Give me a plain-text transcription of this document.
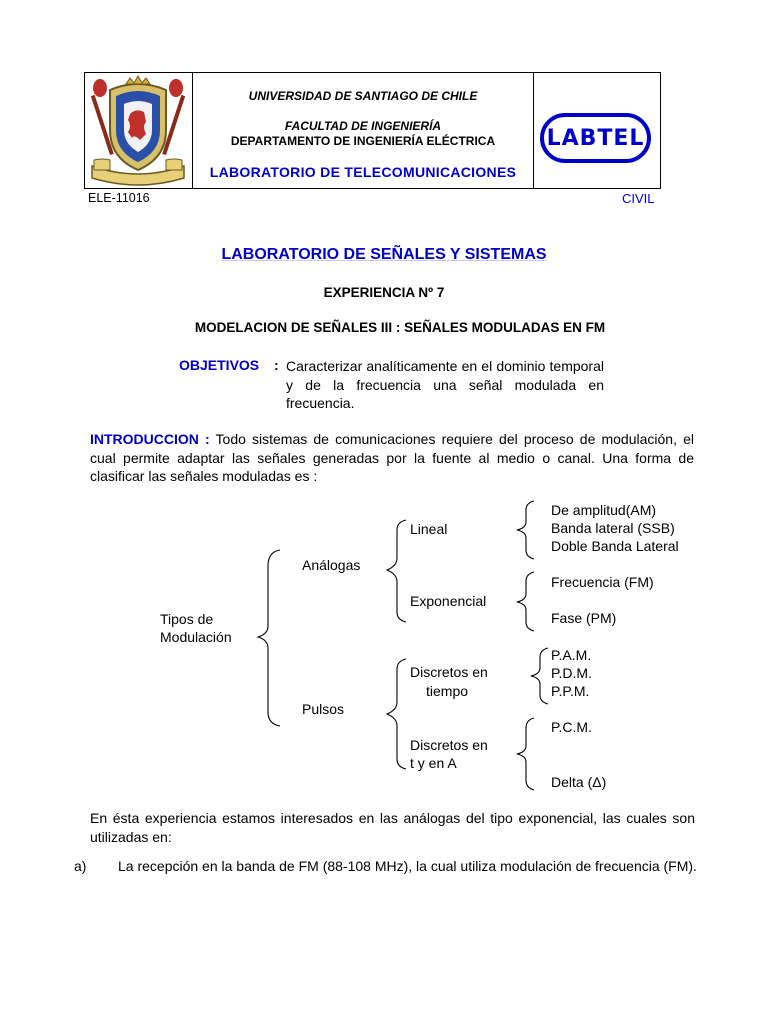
UNIVERSIDAD DE SANTIAGO DE CHILE
FACULTAD DE INGENIERÍA
DEPARTAMENTO DE INGENIERÍA ELÉCTRICA
LABORATORIO DE TELECOMUNICACIONES
LABTEL
ELE-11016	CIVIL
LABORATORIO DE SEÑALES Y SISTEMAS
EXPERIENCIA Nº 7
MODELACION DE SEÑALES III : SEÑALES MODULADAS EN FM
OBJETIVOS : Caracterizar analíticamente en el dominio temporal y de la frecuencia una señal modulada en frecuencia.
INTRODUCCION : Todo sistemas de comunicaciones requiere del proceso de modulación, el cual permite adaptar las señales generadas por la fuente al medio o canal. Una forma de clasificar las señales moduladas es :
Tipos de
Modulación
Análogas
Pulsos
Lineal
Exponencial
Discretos en
tiempo
Discretos en
t y en A
De amplitud(AM)
Banda lateral (SSB)
Doble Banda Lateral
Frecuencia (FM)
Fase (PM)
P.A.M.
P.D.M.
P.P.M.
P.C.M.
Delta (Δ)
En ésta experiencia estamos interesados en las análogas del tipo exponencial, las cuales son utilizadas en:
a) La recepción en la banda de FM (88-108 MHz), la cual utiliza modulación de frecuencia (FM).
